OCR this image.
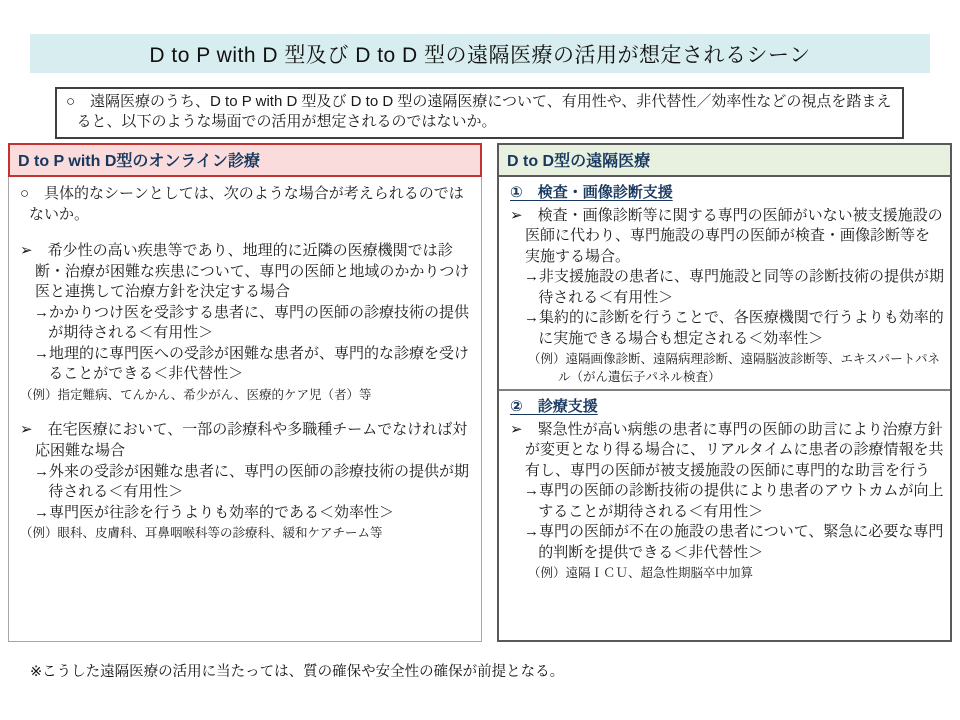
D to P with D 型及び D to D 型の遠隔医療の活用が想定されるシーン
○　遠隔医療のうち、D to P with D 型及び D to D 型の遠隔医療について、有用性や、非代替性／効率性などの視点を踏まえると、以下のような場面での活用が想定されるのではないか。
D to P with D型のオンライン診療
○　具体的なシーンとしては、次のような場合が考えられるのではないか。
➢　希少性の高い疾患等であり、地理的に近隣の医療機関では診断・治療が困難な疾患について、専門の医師と地域のかかりつけ医と連携して治療方針を決定する場合
→かかりつけ医を受診する患者に、専門の医師の診療技術の提供が期待される＜有用性＞
→地理的に専門医への受診が困難な患者が、専門的な診療を受けることができる＜非代替性＞
（例）指定難病、てんかん、希少がん、医療的ケア児（者）等
➢　在宅医療において、一部の診療科や多職種チームでなければ対応困難な場合
→外来の受診が困難な患者に、専門の医師の診療技術の提供が期待される＜有用性＞
→専門医が往診を行うよりも効率的である＜効率性＞
（例）眼科、皮膚科、耳鼻咽喉科等の診療科、緩和ケアチーム等
D to D型の遠隔医療
①　検査・画像診断支援
➢　検査・画像診断等に関する専門の医師がいない被支援施設の医師に代わり、専門施設の専門の医師が検査・画像診断等を実施する場合。
→非支援施設の患者に、専門施設と同等の診断技術の提供が期待される＜有用性＞
→集約的に診断を行うことで、各医療機関で行うよりも効率的に実施できる場合も想定される＜効率性＞
（例）遠隔画像診断、遠隔病理診断、遠隔脳波診断等、エキスパートパネル（がん遺伝子パネル検査）
②　診療支援
➢　緊急性が高い病態の患者に専門の医師の助言により治療方針が変更となり得る場合に、リアルタイムに患者の診療情報を共有し、専門の医師が被支援施設の医師に専門的な助言を行う
→専門の医師の診断技術の提供により患者のアウトカムが向上することが期待される＜有用性＞
→専門の医師が不在の施設の患者について、緊急に必要な専門的判断を提供できる＜非代替性＞
（例）遠隔ＩＣＵ、超急性期脳卒中加算
※こうした遠隔医療の活用に当たっては、質の確保や安全性の確保が前提となる。
